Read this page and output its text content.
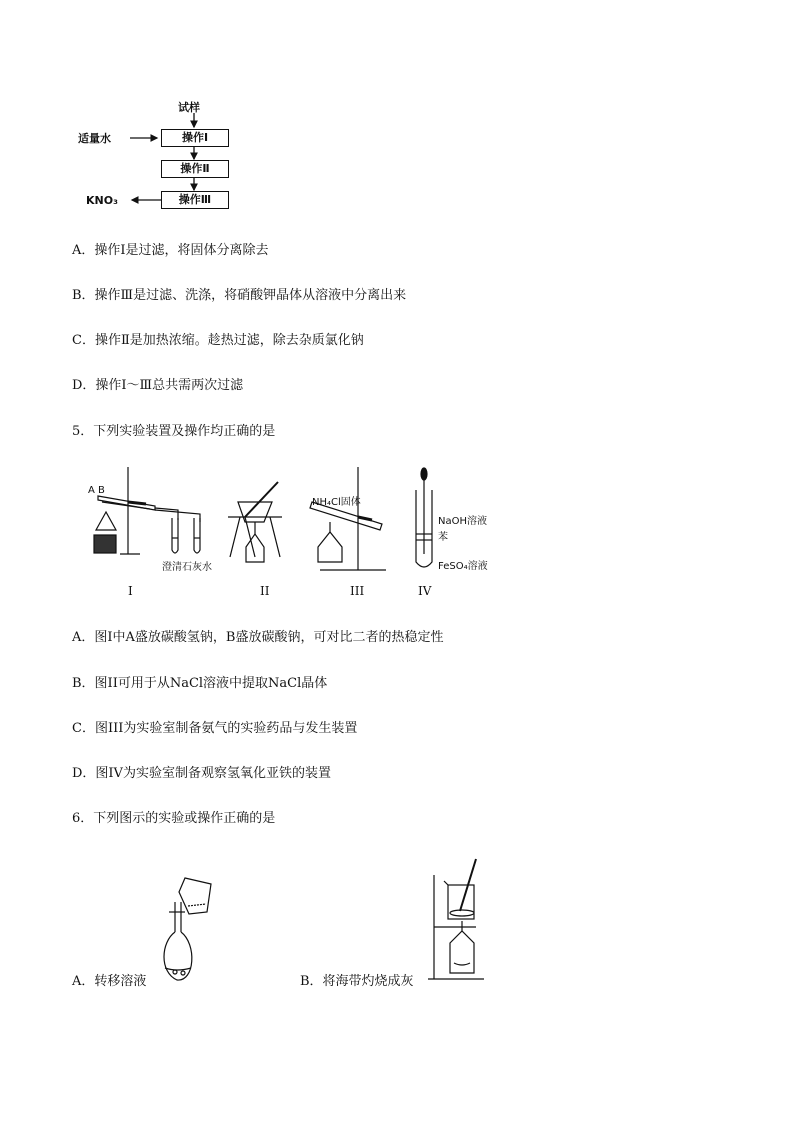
试样
适量水	操作Ⅰ
操作Ⅱ
操作Ⅲ
KNO₃
A．操作Ⅰ是过滤，将固体分离除去
B．操作Ⅲ是过滤、洗涤，将硝酸钾晶体从溶液中分离出来
C．操作Ⅱ是加热浓缩。趁热过滤，除去杂质氯化钠
D．操作Ⅰ～Ⅲ总共需两次过滤
5．下列实验装置及操作均正确的是
A B
澄清石灰水
NH₄Cl固体
NaOH溶液
苯
FeSO₄溶液
I	II	III	IV
A．图Ⅰ中A盛放碳酸氢钠，B盛放碳酸钠，可对比二者的热稳定性
B．图II可用于从NaCl溶液中提取NaCl晶体
C．图III为实验室制备氨气的实验药品与发生装置
D．图IV为实验室制备观察氢氧化亚铁的装置
6．下列图示的实验或操作正确的是
A．转移溶液	B．将海带灼烧成灰
